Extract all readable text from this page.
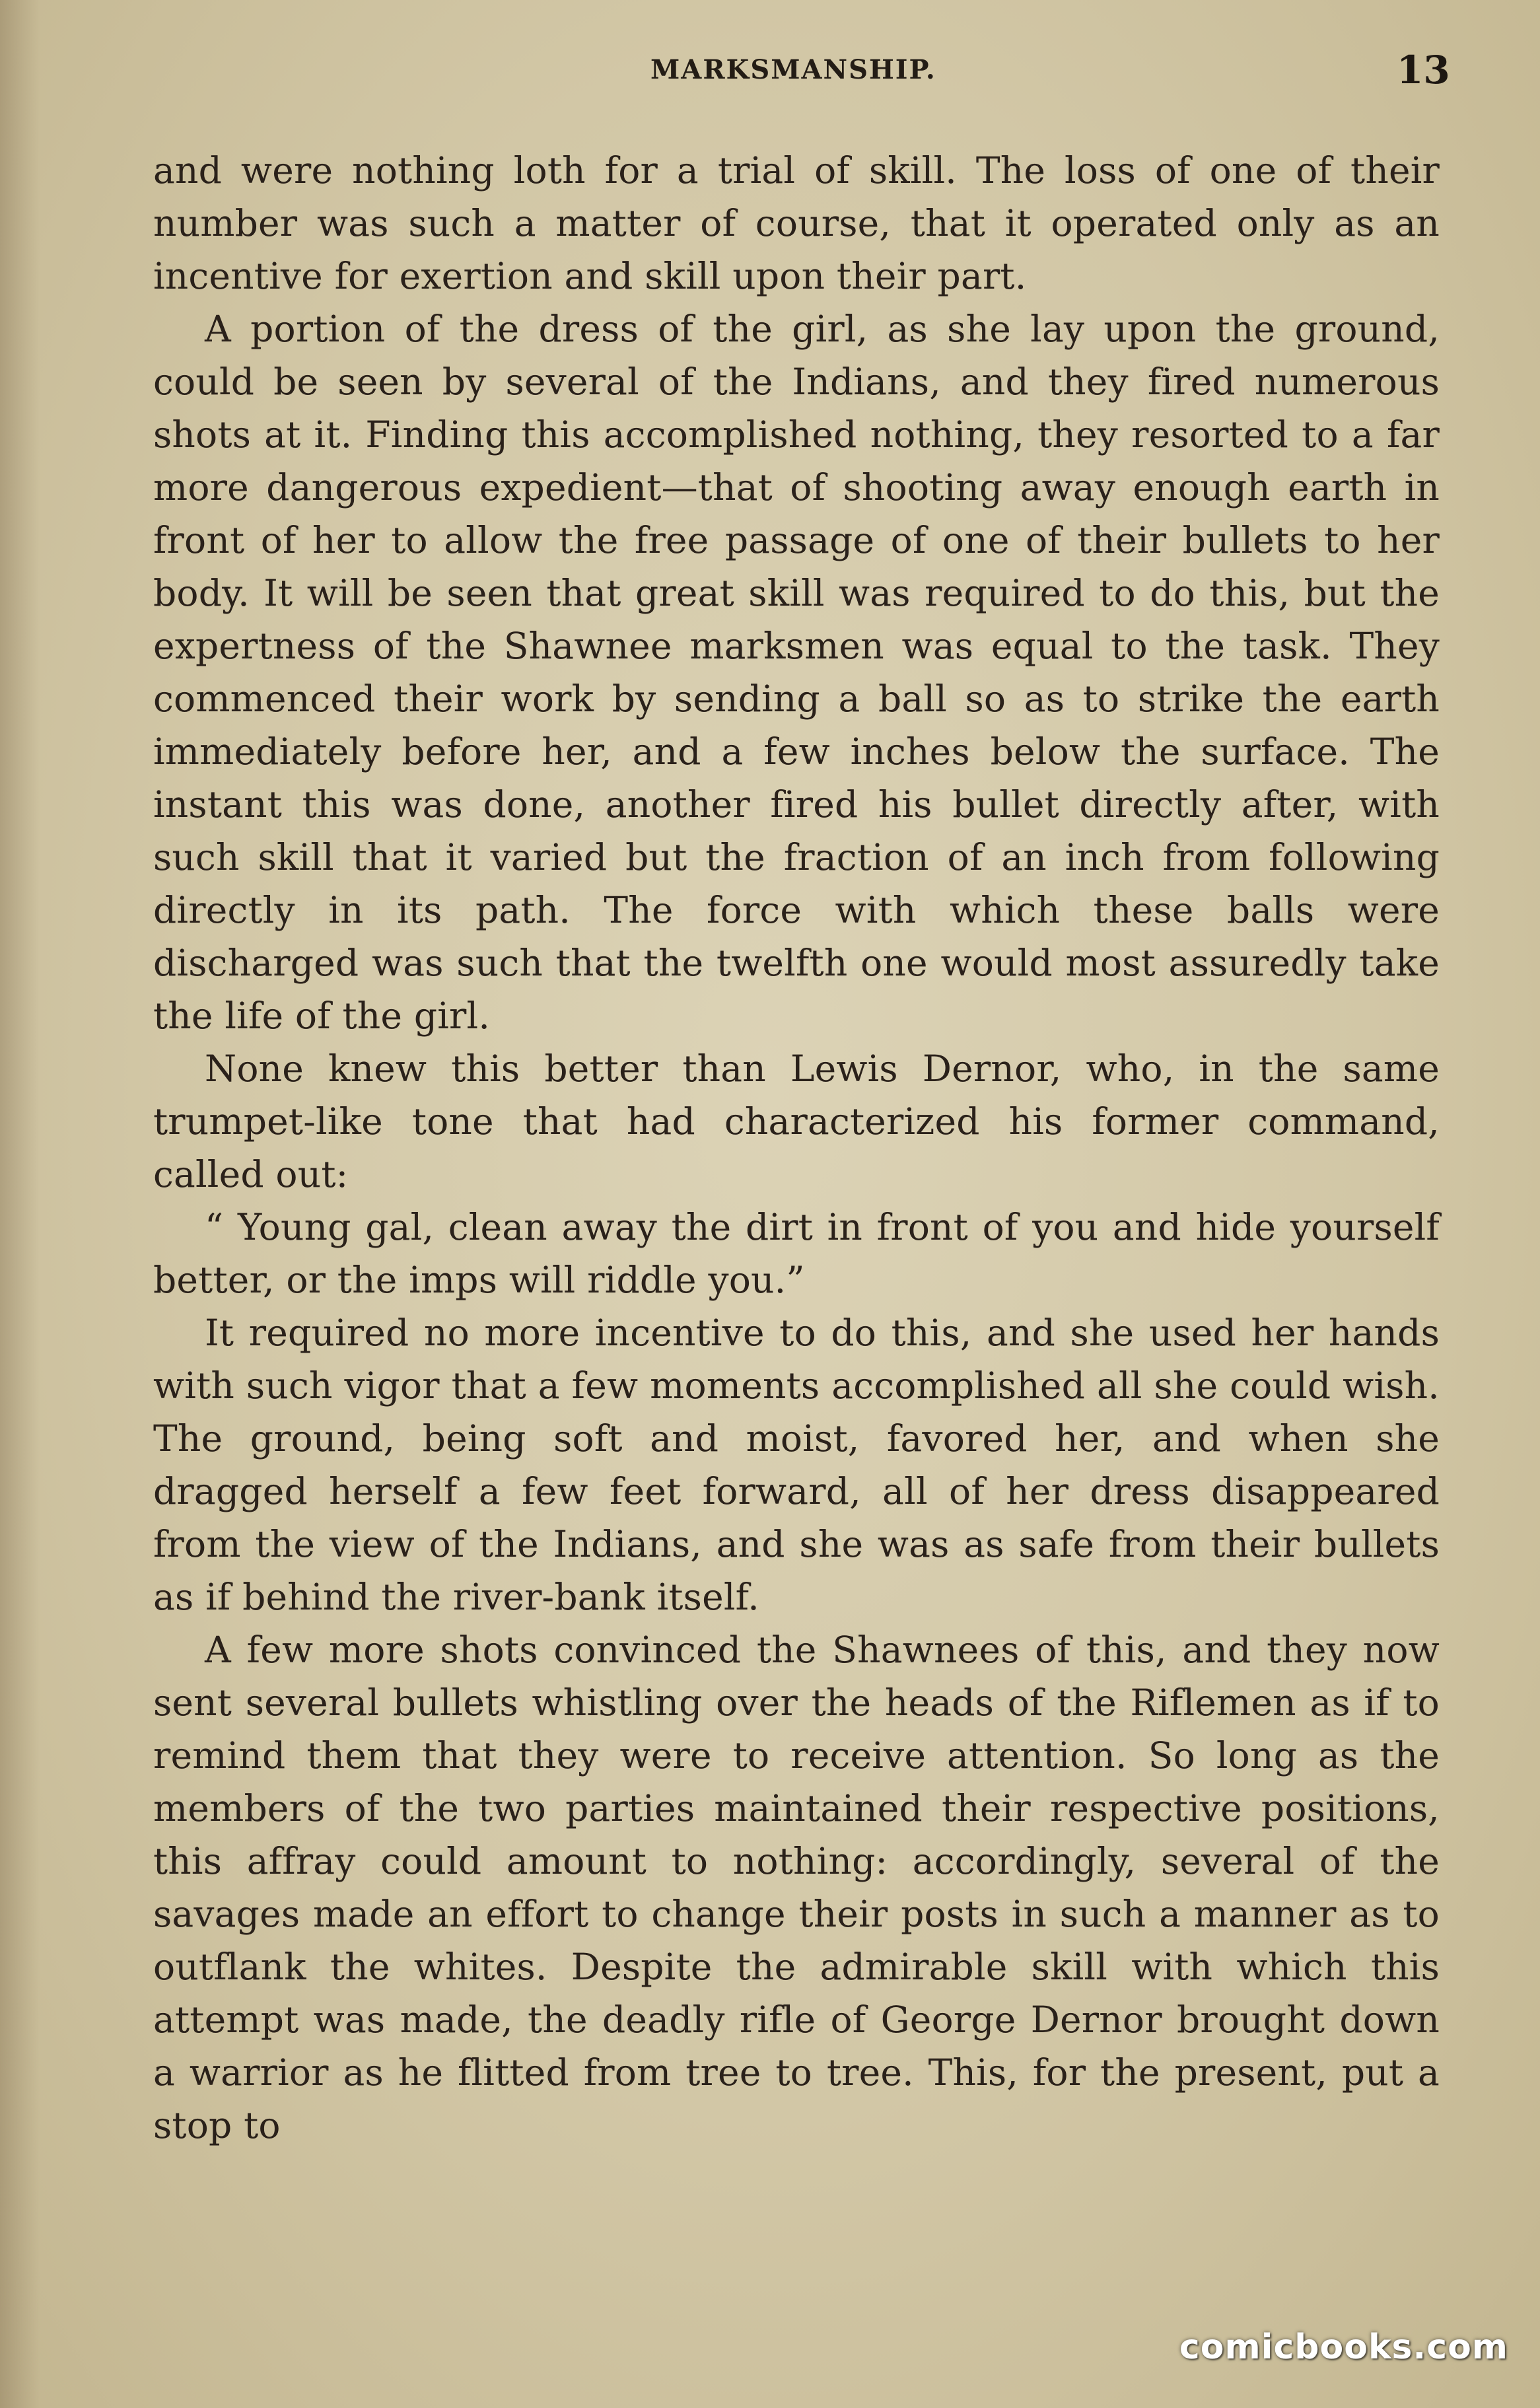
MARKSMANSHIP.	13

and were nothing loth for a trial of skill. The loss of one of their number was such a matter of course, that it operated only as an incentive for exertion and skill upon their part.

A portion of the dress of the girl, as she lay upon the ground, could be seen by several of the Indians, and they fired numerous shots at it. Finding this accomplished nothing, they resorted to a far more dangerous expedient—that of shooting away enough earth in front of her to allow the free passage of one of their bullets to her body. It will be seen that great skill was required to do this, but the expertness of the Shawnee marksmen was equal to the task. They commenced their work by sending a ball so as to strike the earth immediately before her, and a few inches below the surface. The instant this was done, another fired his bullet directly after, with such skill that it varied but the fraction of an inch from following directly in its path. The force with which these balls were discharged was such that the twelfth one would most assuredly take the life of the girl.

None knew this better than Lewis Dernor, who, in the same trumpet-like tone that had characterized his former command, called out:

“ Young gal, clean away the dirt in front of you and hide yourself better, or the imps will riddle you.”

It required no more incentive to do this, and she used her hands with such vigor that a few moments accomplished all she could wish. The ground, being soft and moist, favored her, and when she dragged herself a few feet forward, all of her dress disappeared from the view of the Indians, and she was as safe from their bullets as if behind the river-bank itself.

A few more shots convinced the Shawnees of this, and they now sent several bullets whistling over the heads of the Riflemen as if to remind them that they were to receive attention. So long as the members of the two parties maintained their respective positions, this affray could amount to nothing: accordingly, several of the savages made an effort to change their posts in such a manner as to outflank the whites. Despite the admirable skill with which this attempt was made, the deadly rifle of George Dernor brought down a warrior as he flitted from tree to tree. This, for the present, put a stop to

comicbooks.com
